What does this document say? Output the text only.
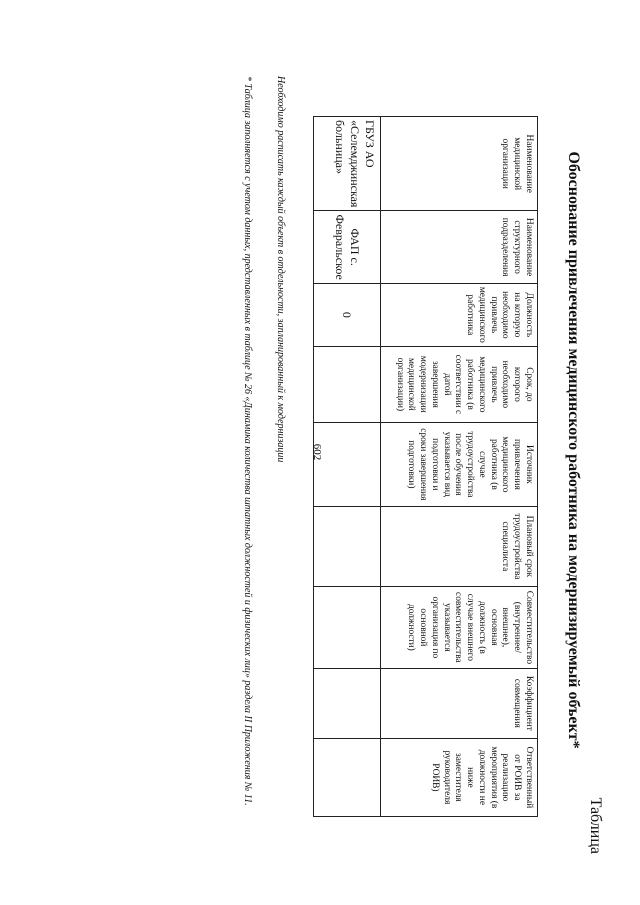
602
Таблица
Обоснование привлечения медицинского работника на модернизируемый объект*
Наименование медицинской организации	Наименование структурного подразделения	Должность на которую необходимо привлечь медицинского работника	Срок, до которого необходимо привлечь медицинского работника (в соответствии с датой завершения модернизации медицинской организации)	Источник привлечения медицинского работника (в случае трудоустройства после обучения указывается вид подготовки и сроки завершения подготовки)	Плановый срок трудоустройства специалиста	Совместительство (внутреннее/внешнее), основная должность (в случае внешнего совместительства указывается организация по основной должности)	Коэффициент совмещения	Ответственный от РОИВ за реализацию мероприятия (в должности не ниже заместителя руководителя РОИВ)
ГБУЗ АО «Селемджинская больница»	ФАП с. Февральское	0						
Необходимо расписать каждый объект в отдельности, запланированный к модернизации
* Таблица заполняется с учетом данных, представленных в таблице № 26 «Динамика количества штатных должностей и физических лиц» раздела II Приложения № 11.
